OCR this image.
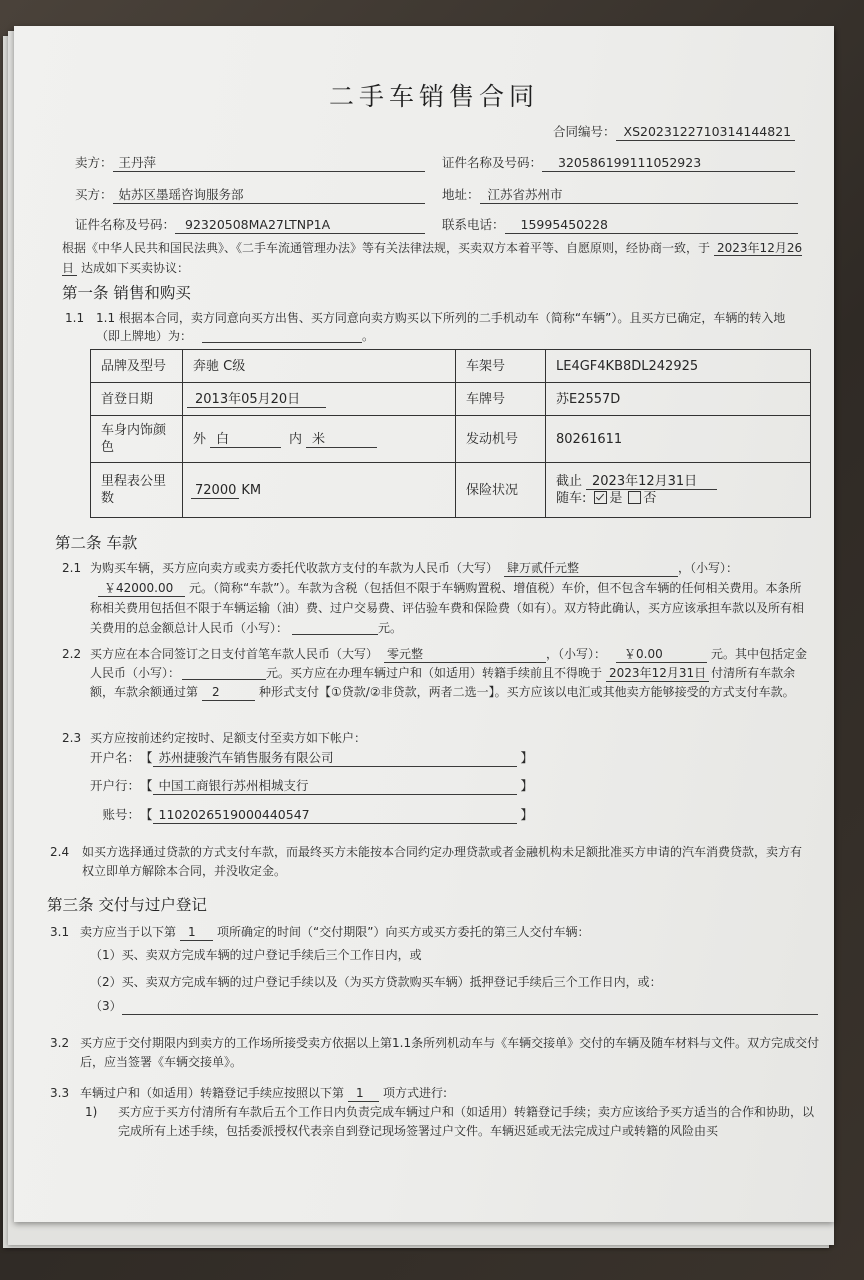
二手车销售合同
合同编号： XS2023122710314144821
卖方： 王丹萍	证件名称及号码：	320586199111052923
买方： 姑苏区墨瑶咨询服务部	地址： 江苏省苏州市
证件名称及号码： 92320508MA27LTNP1A	联系电话：	15995450228
根据《中华人民共和国民法典》、《二手车流通管理办法》等有关法律法规，买卖双方本着平等、自愿原则，经协商一致，于 2023年12月26日 达成如下买卖协议：
第一条 销售和购买
1.1 1.1 根据本合同，卖方同意向买方出售、买方同意向卖方购买以下所列的二手机动车（简称“车辆”）。且买方已确定，车辆的转入地（即上牌地）为：	。
品牌及型号	奔驰 C级	车架号	LE4GF4KB8DL242925
首登日期	2013年05月20日	车牌号	苏E2557D
车身内饰颜色	外 白 内 米	发动机号	80261611
里程表公里数	72000 KM	保险状况	截止 2023年12月31日
随车: 是 否
第二条 车款
2.1 为购买车辆，买方应向卖方或卖方委托代收款方支付的车款为人民币（大写） 肆万贰仟元整	，（小写）：￥42000.00 元。（简称“车款”）。车款为含税（包括但不限于车辆购置税、增值税）车价，但不包含车辆的任何相关费用。本条所称相关费用包括但不限于车辆运输（油）费、过户交易费、评估验车费和保险费（如有）。双方特此确认，买方应该承担车款以及所有相关费用的总金额总计人民币（小写）：	元。
2.2 买方应在本合同签订之日支付首笔车款人民币（大写） 零元整	，（小写）： ￥0.00	元。其中包括定金人民币（小写）：	元。买方应在办理车辆过户和（如适用）转籍手续前且不得晚于 2023年12月31日 付清所有车款余额，车款余额通过第 2	种形式支付【①贷款/②非贷款，两者二选一】。买方应该以电汇或其他卖方能够接受的方式支付车款。
2.3 买方应按前述约定按时、足额支付至卖方如下帐户：
开户名： 【 苏州捷骏汽车销售服务有限公司	】
开户行： 【 中国工商银行苏州相城支行	】
账号： 【 1102026519000440547	】
2.4 如买方选择通过贷款的方式支付车款，而最终买方未能按本合同约定办理贷款或者金融机构未足额批准买方申请的汽车消费贷款，卖方有权立即单方解除本合同，并没收定金。
第三条 交付与过户登记
3.1 卖方应当于以下第 1 项所确定的时间（“交付期限”）向买方或买方委托的第三人交付车辆：
（1）买、卖双方完成车辆的过户登记手续后三个工作日内，或
（2）买、卖双方完成车辆的过户登记手续以及（为买方贷款购买车辆）抵押登记手续后三个工作日内，或：
（3）
3.2 买方应于交付期限内到卖方的工作场所接受卖方依据以上第1.1条所列机动车与《车辆交接单》交付的车辆及随车材料与文件。双方完成交付后，应当签署《车辆交接单》。
3.3 车辆过户和（如适用）转籍登记手续应按照以下第 1 项方式进行:
1) 买方应于买方付清所有车款后五个工作日内负责完成车辆过户和（如适用）转籍登记手续；卖方应该给予买方适当的合作和协助，以完成所有上述手续，包括委派授权代表亲自到登记现场签署过户文件。车辆迟延或无法完成过户或转籍的风险由买
